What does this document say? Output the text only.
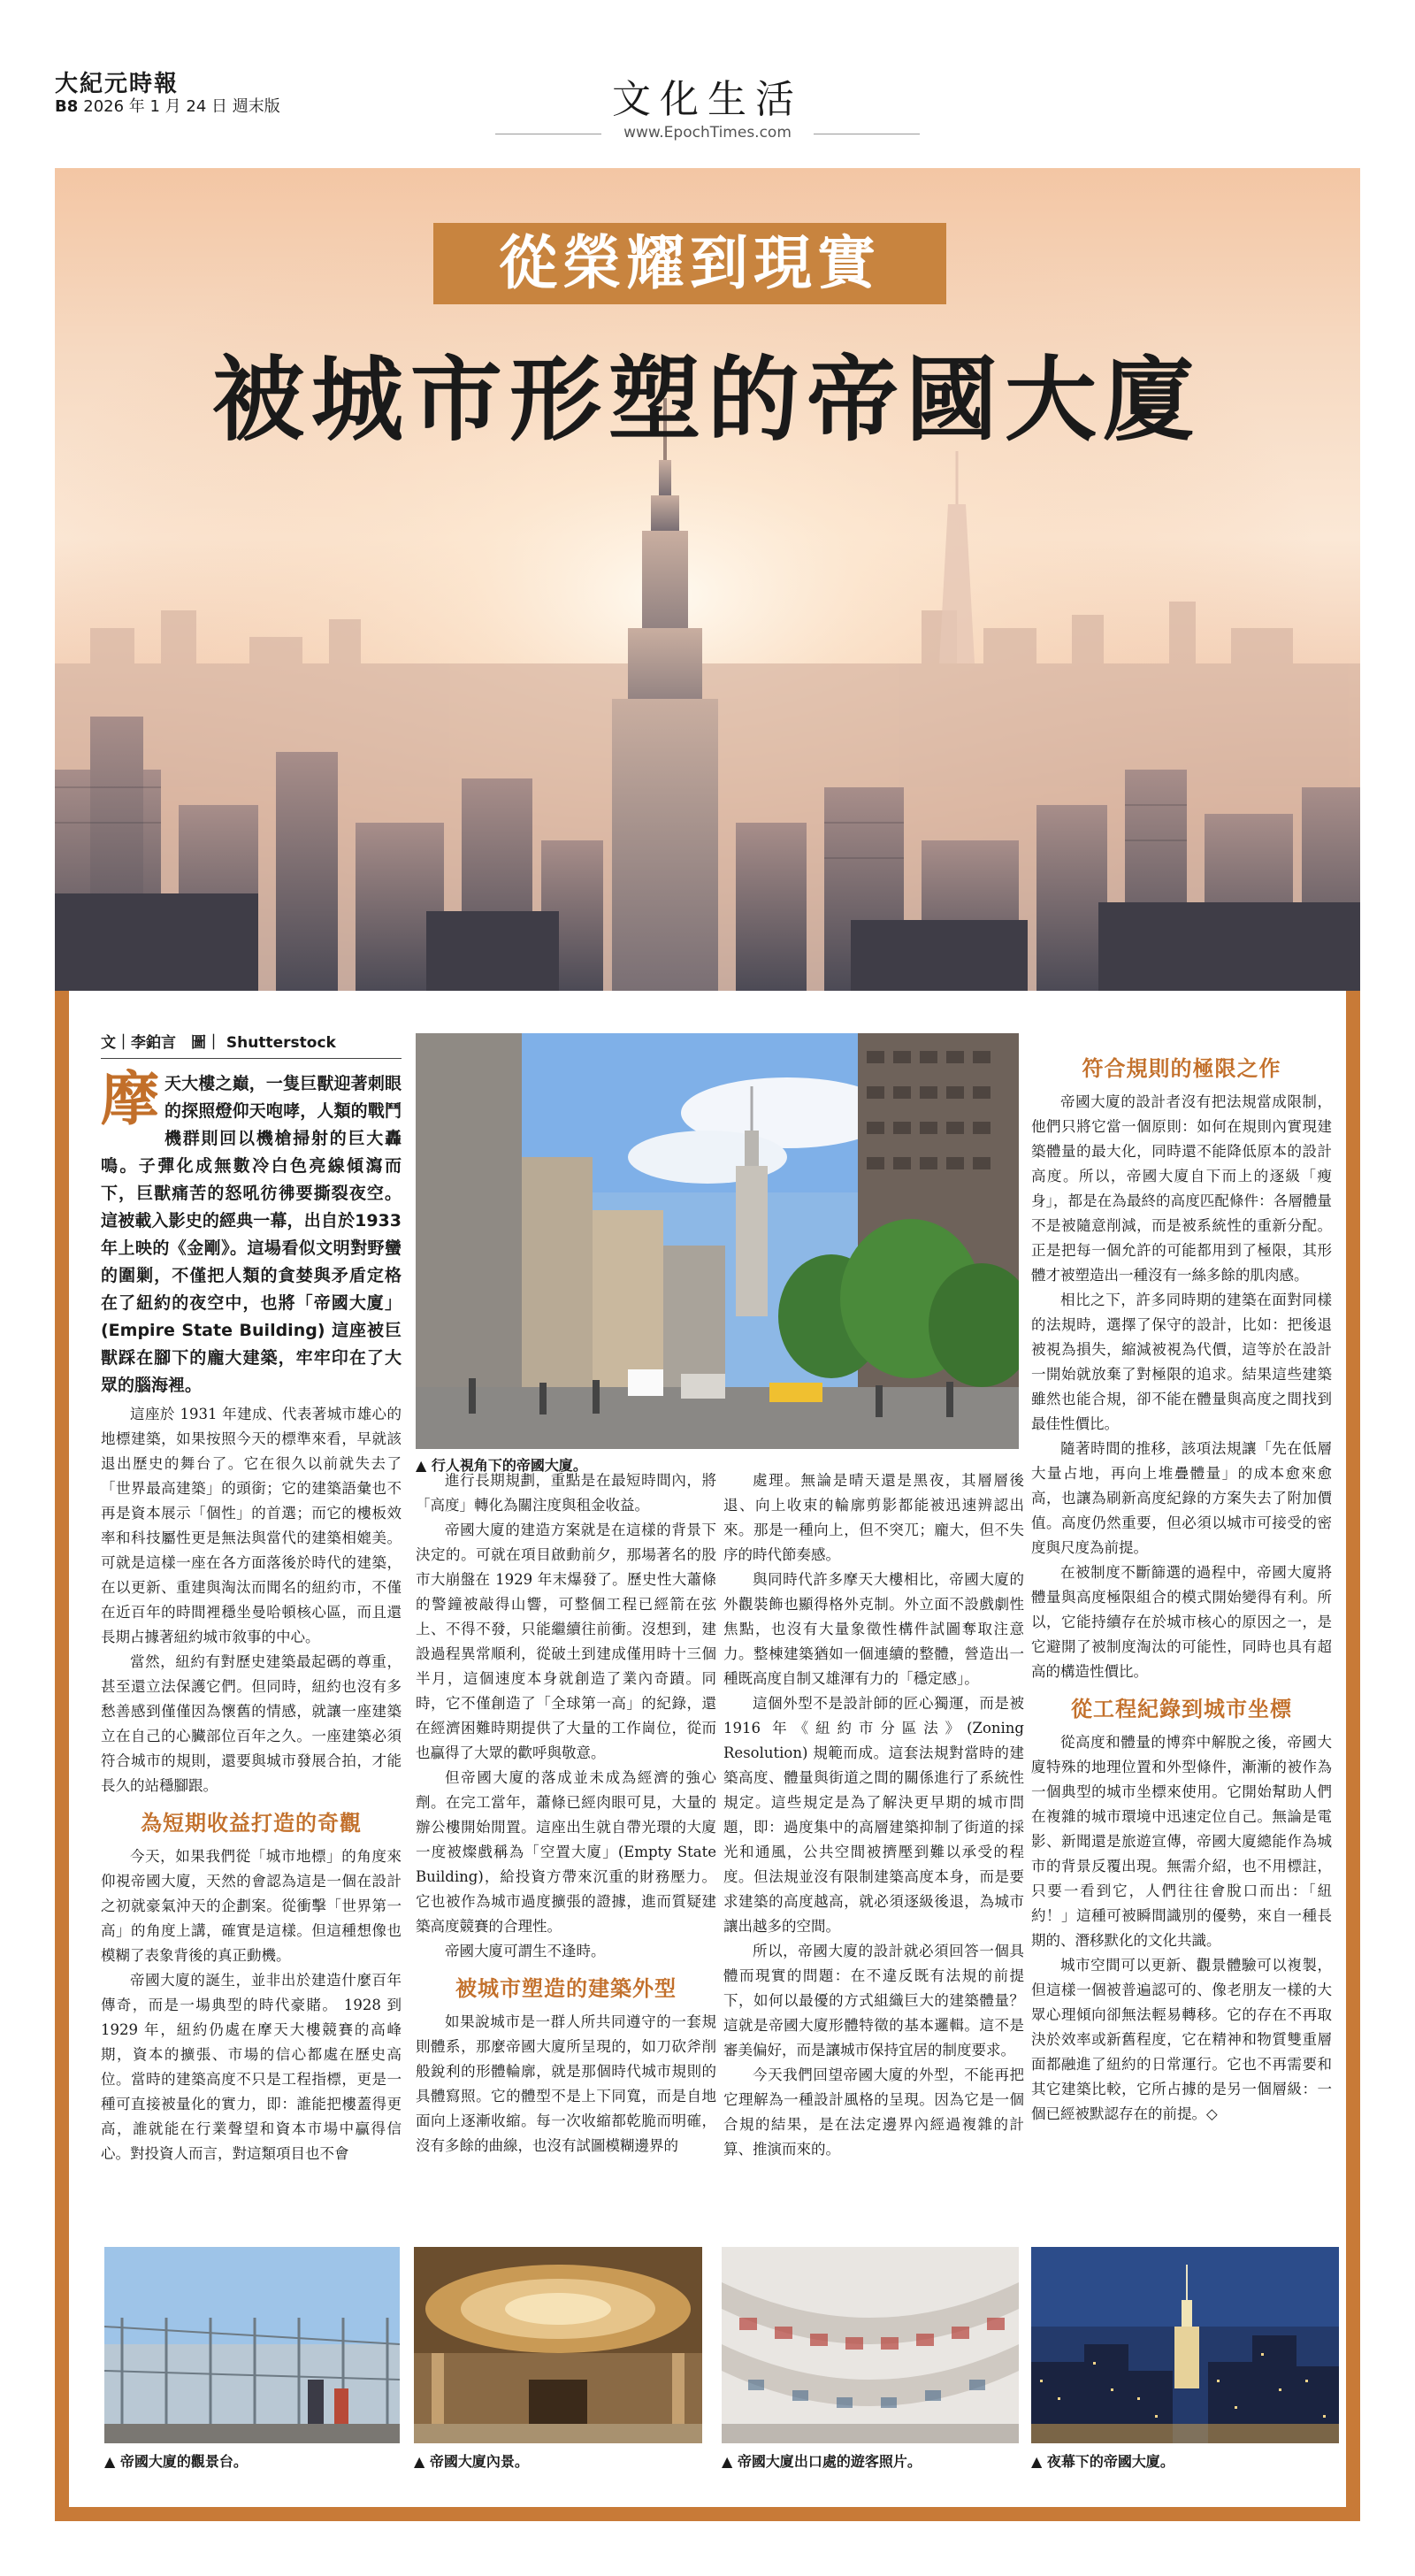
大紀元時報
B8 2026 年 1 月 24 日 週末版	文化生活
www.EpochTimes.com
從榮耀到現實
被城市形塑的帝國大廈
文｜李鉑言　圖｜ Shutterstock
摩天大樓之巔，一隻巨獸迎著刺眼的探照燈仰天咆哮，人類的戰鬥機群則回以機槍掃射的巨大轟鳴。子彈化成無數冷白色亮線傾瀉而下，巨獸痛苦的怒吼彷彿要撕裂夜空。這被載入影史的經典一幕，出自於1933年上映的《金剛》。這場看似文明對野蠻的圍剿，不僅把人類的貪婪與矛盾定格在了紐約的夜空中，也將「帝國大廈」(Empire State Building) 這座被巨獸踩在腳下的龐大建築，牢牢印在了大眾的腦海裡。
▲ 行人視角下的帝國大廈。

這座於 1931 年建成、代表著城市雄心的地標建築，如果按照今天的標準來看，早就該退出歷史的舞台了。它在很久以前就失去了「世界最高建築」的頭銜；它的建築語彙也不再是資本展示「個性」的首選；而它的樓板效率和科技屬性更是無法與當代的建築相媲美。可就是這樣一座在各方面落後於時代的建築，在以更新、重建與淘汰而聞名的紐約市，不僅在近百年的時間裡穩坐曼哈頓核心區，而且還長期占據著紐約城市敘事的中心。

當然，紐約有對歷史建築最起碼的尊重，甚至還立法保護它們。但同時，紐約也沒有多愁善感到僅僅因為懷舊的情感，就讓一座建築立在自己的心臟部位百年之久。一座建築必須符合城市的規則，還要與城市發展合拍，才能長久的站穩腳跟。

為短期收益打造的奇觀

今天，如果我們從「城市地標」的角度來仰視帝國大廈，天然的會認為這是一個在設計之初就豪氣沖天的企劃案。從衝擊「世界第一高」的角度上講，確實是這樣。但這種想像也模糊了表象背後的真正動機。

帝國大廈的誕生，並非出於建造什麼百年傳奇，而是一場典型的時代豪賭。 1928 到 1929 年，紐約仍處在摩天大樓競賽的高峰期，資本的擴張、市場的信心都處在歷史高位。當時的建築高度不只是工程指標，更是一種可直接被量化的實力，即：誰能把樓蓋得更高，誰就能在行業聲望和資本市場中贏得信心。對投資人而言，對這類項目也不會

進行長期規劃，重點是在最短時間內，將「高度」轉化為關注度與租金收益。

帝國大廈的建造方案就是在這樣的背景下決定的。可就在項目啟動前夕，那場著名的股市大崩盤在 1929 年末爆發了。歷史性大蕭條的警鐘被敲得山響，可整個工程已經箭在弦上、不得不發，只能繼續往前衝。沒想到，建設過程異常順利，從破土到建成僅用時十三個半月，這個速度本身就創造了業內奇蹟。同時，它不僅創造了「全球第一高」的紀錄，還在經濟困難時期提供了大量的工作崗位，從而也贏得了大眾的歡呼與敬意。

但帝國大廈的落成並未成為經濟的強心劑。在完工當年，蕭條已經肉眼可見，大量的辦公樓開始閒置。這座出生就自帶光環的大廈一度被燦戲稱為「空置大廈」(Empty State Building)，給投資方帶來沉重的財務壓力。它也被作為城市過度擴張的證據，進而質疑建築高度競賽的合理性。

帝國大廈可謂生不逢時。

被城市塑造的建築外型

如果說城市是一群人所共同遵守的一套規則體系，那麼帝國大廈所呈現的，如刀砍斧削般銳利的形體輪廓，就是那個時代城市規則的具體寫照。它的體型不是上下同寬，而是自地面向上逐漸收縮。每一次收縮都乾脆而明確，沒有多餘的曲線，也沒有試圖模糊邊界的

處理。無論是晴天還是黑夜，其層層後退、向上收束的輪廓剪影都能被迅速辨認出來。那是一種向上，但不突兀；龐大，但不失序的時代節奏感。

與同時代許多摩天大樓相比，帝國大廈的外觀裝飾也顯得格外克制。外立面不設戲劇性焦點，也沒有大量象徵性構件試圖奪取注意力。整棟建築猶如一個連續的整體，營造出一種既高度自制又雄渾有力的「穩定感」。

這個外型不是設計師的匠心獨運，而是被 1916 年《紐約市分區法》(Zoning Resolution) 規範而成。這套法規對當時的建築高度、體量與街道之間的關係進行了系統性規定。這些規定是為了解決更早期的城市問題，即：過度集中的高層建築抑制了街道的採光和通風，公共空間被擠壓到難以承受的程度。但法規並沒有限制建築高度本身，而是要求建築的高度越高，就必須逐級後退，為城市讓出越多的空間。

所以，帝國大廈的設計就必須回答一個具體而現實的問題：在不違反既有法規的前提下，如何以最優的方式組織巨大的建築體量？這就是帝國大廈形體特徵的基本邏輯。這不是審美偏好，而是讓城市保持宜居的制度要求。

今天我們回望帝國大廈的外型，不能再把它理解為一種設計風格的呈現。因為它是一個合規的結果，是在法定邊界內經過複雜的計算、推演而來的。

符合規則的極限之作

帝國大廈的設計者沒有把法規當成限制，他們只將它當一個原則：如何在規則內實現建築體量的最大化，同時還不能降低原本的設計高度。所以，帝國大廈自下而上的逐級「瘦身」，都是在為最終的高度匹配條件：各層體量不是被隨意削減，而是被系統性的重新分配。正是把每一個允許的可能都用到了極限，其形體才被塑造出一種沒有一絲多餘的肌肉感。

相比之下，許多同時期的建築在面對同樣的法規時，選擇了保守的設計，比如：把後退被視為損失，縮減被視為代價，這等於在設計一開始就放棄了對極限的追求。結果這些建築雖然也能合規，卻不能在體量與高度之間找到最佳性價比。

隨著時間的推移，該項法規讓「先在低層大量占地，再向上堆疊體量」的成本愈來愈高，也讓為刷新高度紀錄的方案失去了附加價值。高度仍然重要，但必須以城市可接受的密度與尺度為前提。

在被制度不斷篩選的過程中，帝國大廈將體量與高度極限組合的模式開始變得有利。所以，它能持續存在於城市核心的原因之一，是它避開了被制度淘汰的可能性，同時也具有超高的構造性價比。

從工程紀錄到城市坐標

從高度和體量的博弈中解脫之後，帝國大廈特殊的地理位置和外型條件，漸漸的被作為一個典型的城市坐標來使用。它開始幫助人們在複雜的城市環境中迅速定位自己。無論是電影、新聞還是旅遊宣傳，帝國大廈總能作為城市的背景反覆出現。無需介紹，也不用標註，只要一看到它，人們往往會脫口而出：「紐約！」這種可被瞬間識別的優勢，來自一種長期的、潛移默化的文化共識。

城市空間可以更新、觀景體驗可以複製，但這樣一個被普遍認可的、像老朋友一樣的大眾心理傾向卻無法輕易轉移。它的存在不再取決於效率或新舊程度，它在精神和物質雙重層面都融進了紐約的日常運行。它也不再需要和其它建築比較，它所占據的是另一個層級：一個已經被默認存在的前提。◇

▲ 帝國大廈的觀景台。	▲ 帝國大廈內景。	▲ 帝國大廈出口處的遊客照片。	▲ 夜幕下的帝國大廈。
